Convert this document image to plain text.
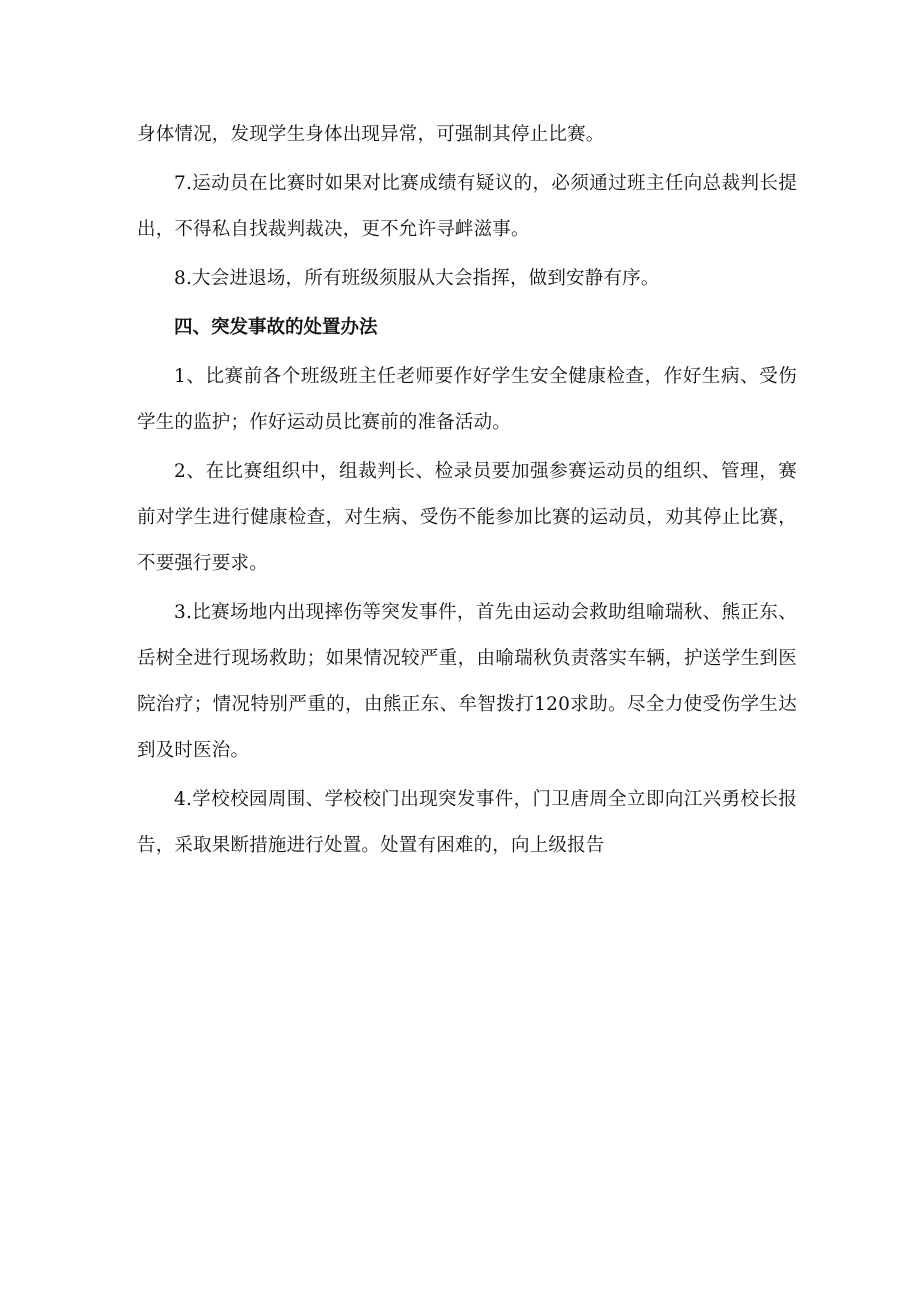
身体情况，发现学生身体出现异常，可强制其停止比赛。

7.运动员在比赛时如果对比赛成绩有疑议的，必须通过班主任向总裁判长提出，不得私自找裁判裁决，更不允许寻衅滋事。

8.大会进退场，所有班级须服从大会指挥，做到安静有序。

四、突发事故的处置办法

1、比赛前各个班级班主任老师要作好学生安全健康检查，作好生病、受伤学生的监护；作好运动员比赛前的准备活动。

2、在比赛组织中，组裁判长、检录员要加强参赛运动员的组织、管理，赛前对学生进行健康检查，对生病、受伤不能参加比赛的运动员，劝其停止比赛，不要强行要求。

3.比赛场地内出现摔伤等突发事件，首先由运动会救助组喻瑞秋、熊正东、岳树全进行现场救助；如果情况较严重，由喻瑞秋负责落实车辆，护送学生到医院治疗；情况特别严重的，由熊正东、牟智拨打120求助。尽全力使受伤学生达到及时医治。

4.学校校园周围、学校校门出现突发事件，门卫唐周全立即向江兴勇校长报告，采取果断措施进行处置。处置有困难的，向上级报告
